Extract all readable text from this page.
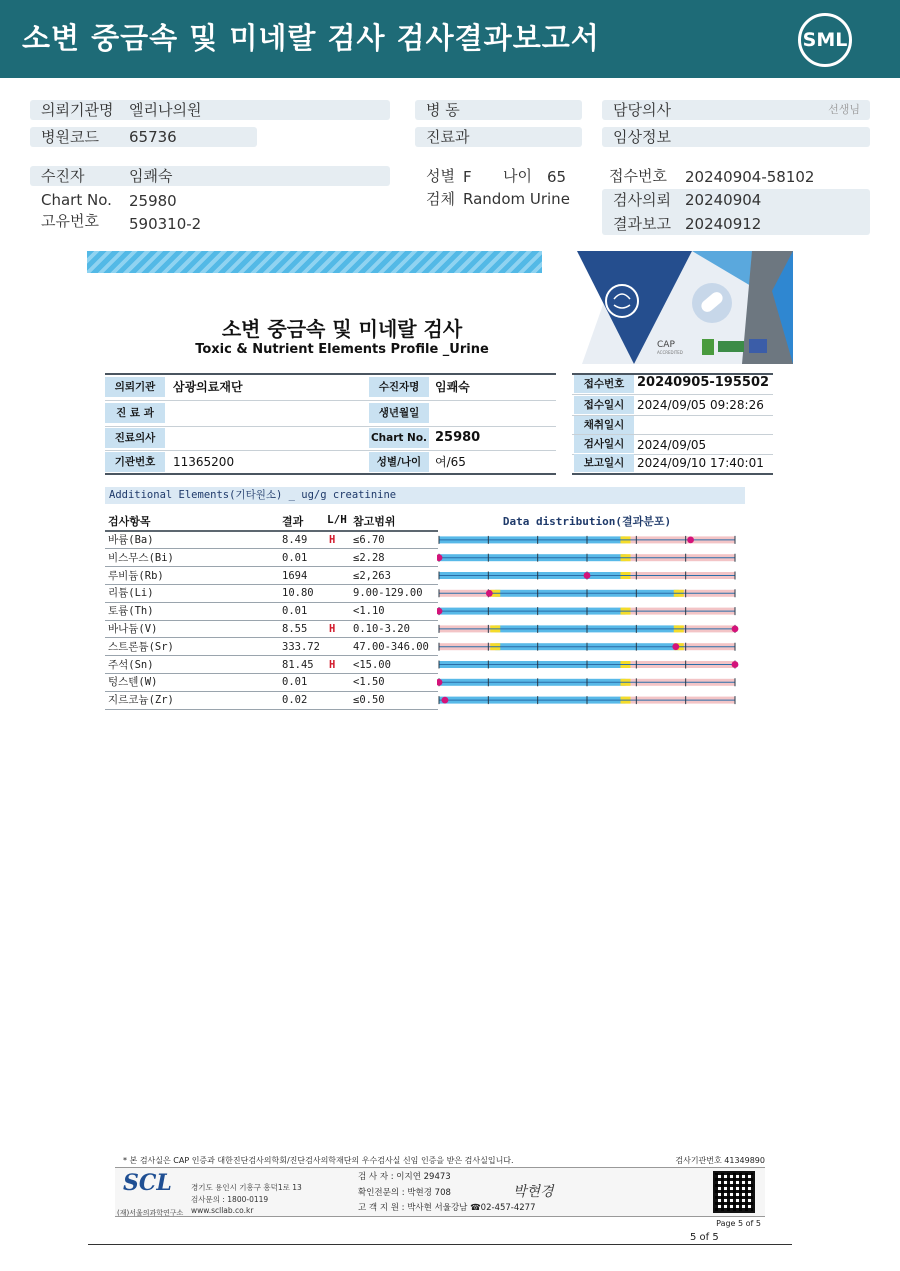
소변 중금속 및 미네랄 검사 검사결과보고서	SML
의뢰기관명 엘리나의원
병원코드 65736
수진자	임쾌숙
Chart No. 25980
고유번호 590310-2
병 동
진료과
성별 F 나이 65
검체 Random Urine
담당의사	선생님
임상정보
접수번호 20240904-58102
검사의뢰 20240904
결과보고 20240912
CAP
ACCREDITED
소변 중금속 및 미네랄 검사
Toxic & Nutrient Elements Profile _Urine
의뢰기관	삼광의료재단	수진자명	임쾌숙
진 료 과	생년월일
진료의사	Chart No. 25980
기관번호	11365200	성별/나이	여/65
접수번호 20240905-195502
접수일시	2024/09/05 09:28:26
채취일시
검사일시	2024/09/05
보고일시	2024/09/10 17:40:01
Additional Elements(기타원소) _ ug/g creatinine
검사항목	결과 L/H 참고범위	Data distribution(결과분포)
바륨(Ba)	8.49 H ≤6.70
비스무스(Bi)	0.01	≤2.28
루비듐(Rb)	1694	≤2,263
리튬(Li)	10.80	9.00-129.00
토륨(Th)	0.01	<1.10
바나듐(V)	8.55 H 0.10-3.20
스트론튬(Sr)	333.72	47.00-346.00
주석(Sn)	81.45 H <15.00
텅스텐(W)	0.01	<1.50
지르코늄(Zr)	0.02	≤0.50
* 본 검사실은 CAP 인증과 대한진단검사의학회/진단검사의학재단의 우수검사실 신임 인증을 받은 검사실입니다.	검사기관번호 41349890
SCL
(재)서울의과학연구소
경기도 용인시 기흥구 흥덕1로 13
검사문의 : 1800-0119
www.scllab.co.kr
검 사 자 : 이지연 29473
확인전문의 : 박현경 708
고 객 지 원 : 박사현 서울강남 ☎02-457-4277
박현경
Page 5 of 5
5 of 5
